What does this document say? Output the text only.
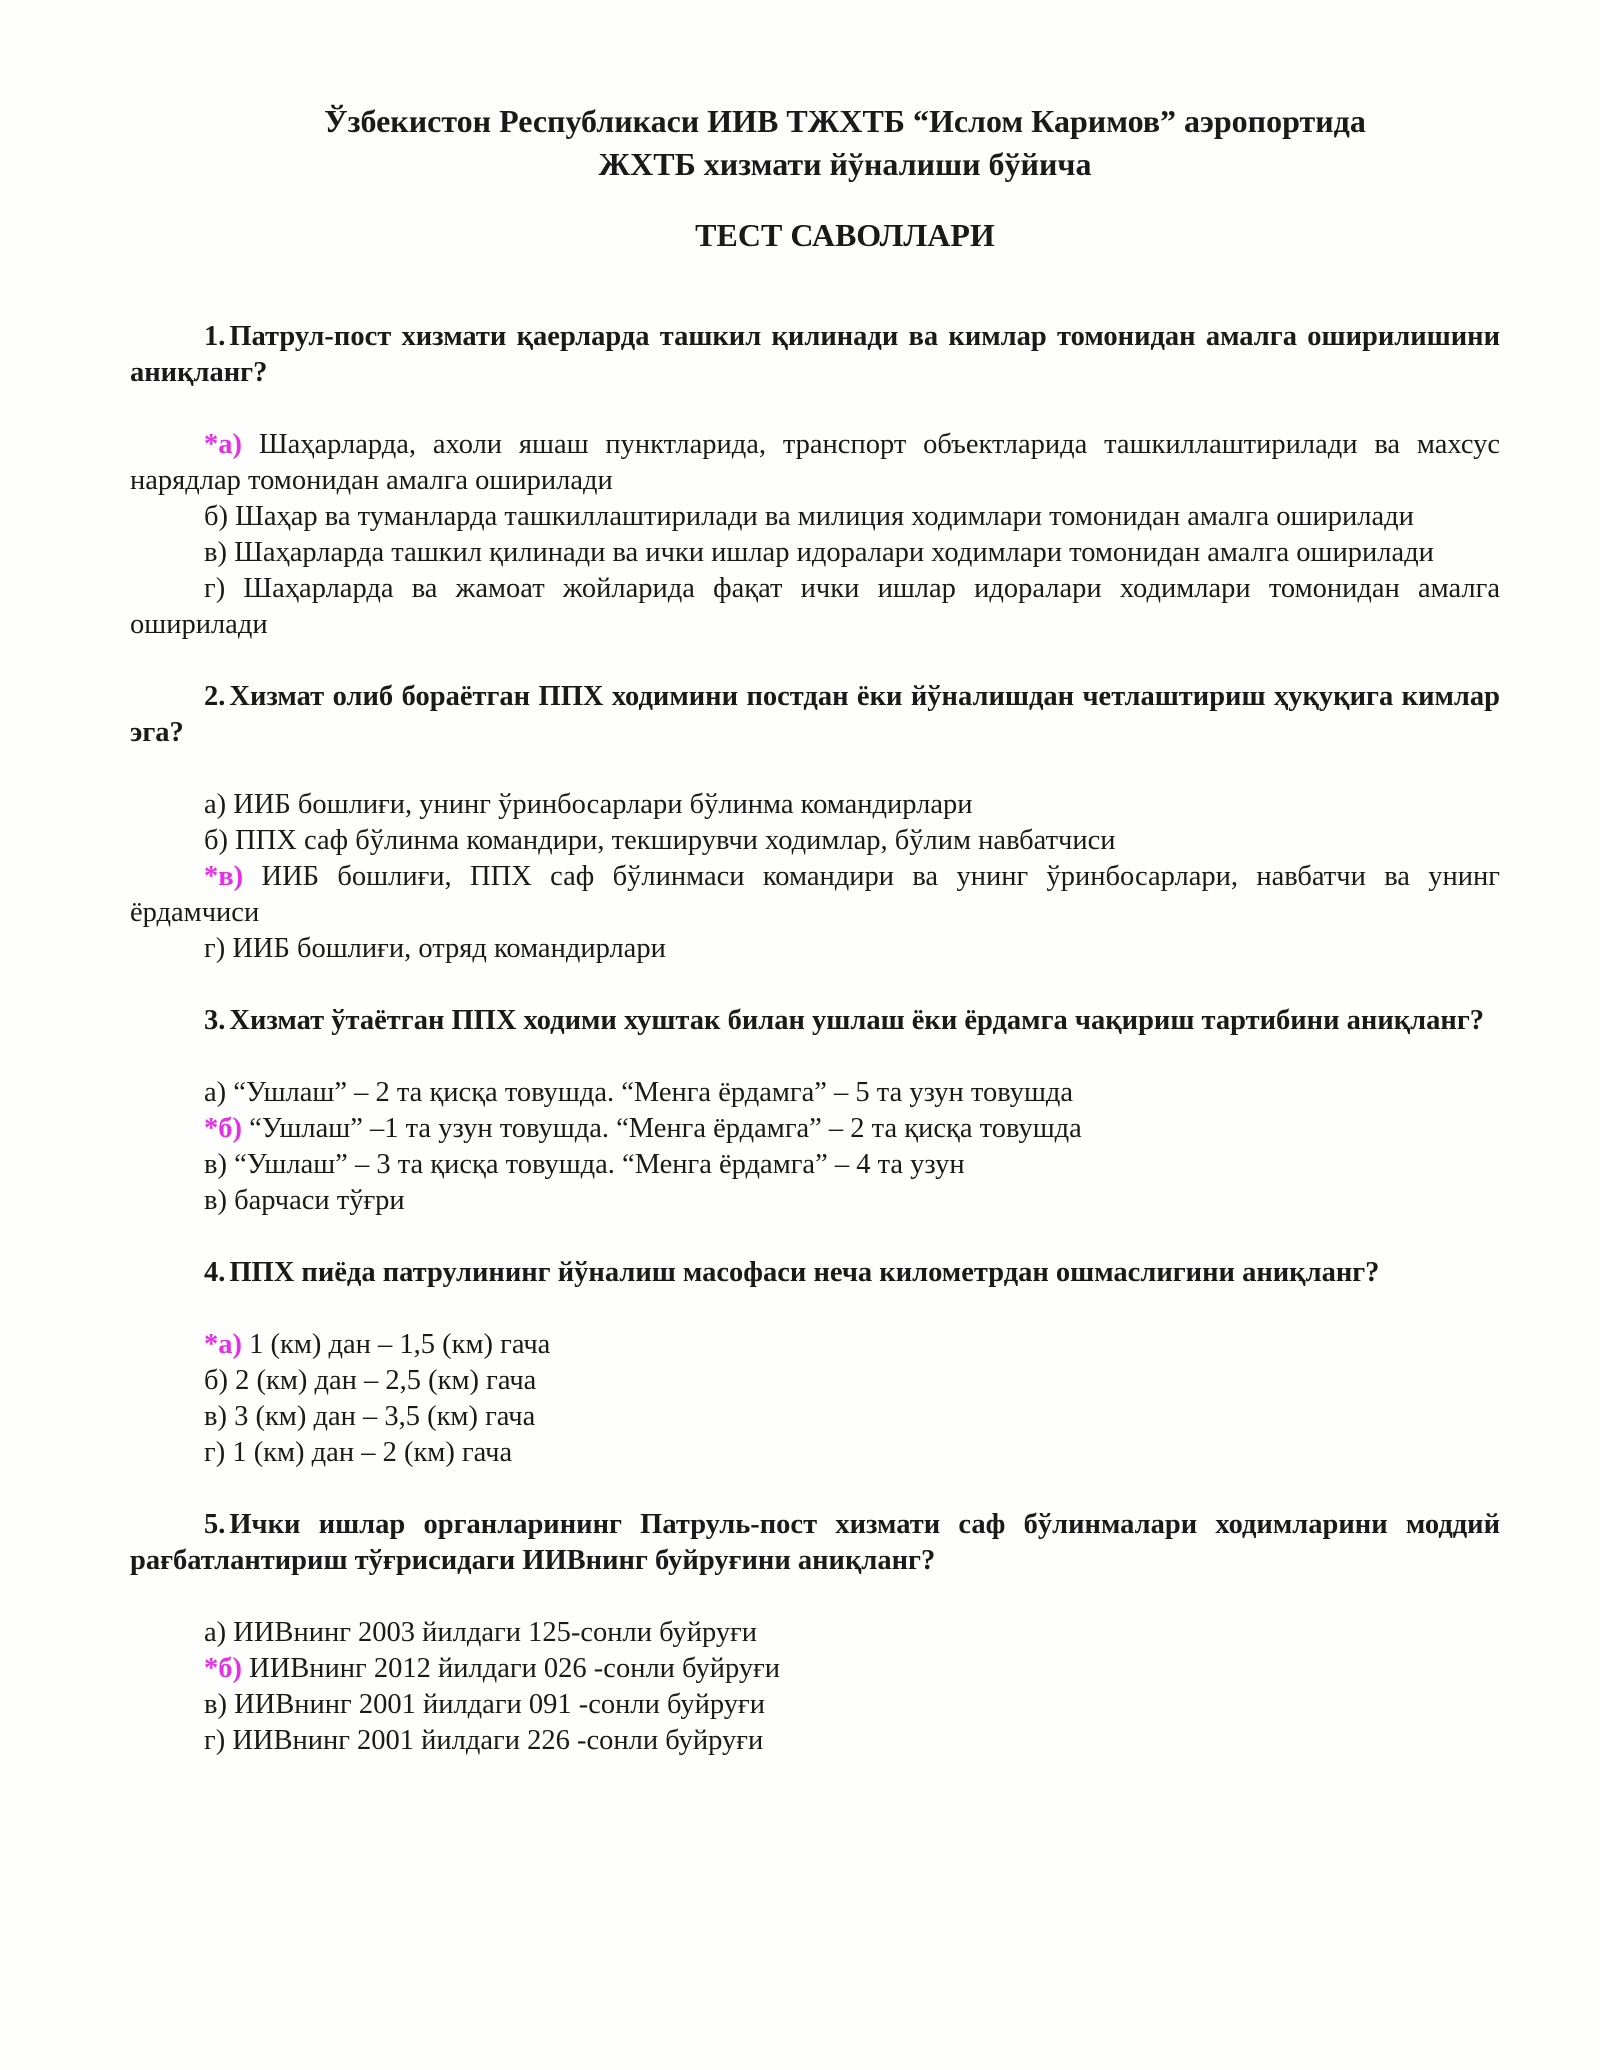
Ўзбекистон Республикаси ИИВ ТЖХТБ “Ислом Каримов” аэропортида
ЖХТБ хизмати йўналиши бўйича
ТЕСТ САВОЛЛАРИ

1. Патрул-пост хизмати қаерларда ташкил қилинади ва кимлар томонидан амалга оширилишини аниқланг?

*а) Шаҳарларда, ахоли яшаш пунктларида, транспорт объектларида ташкиллаштирилади ва махсус нарядлар томонидан амалга оширилади

б) Шаҳар ва туманларда ташкиллаштирилади ва милиция ходимлари томонидан амалга оширилади

в) Шаҳарларда ташкил қилинади ва ички ишлар идоралари ходимлари томонидан амалга оширилади

г) Шаҳарларда ва жамоат жойларида фақат ички ишлар идоралари ходимлари томонидан амалга оширилади

2. Хизмат олиб бораётган ППХ ходимини постдан ёки йўналишдан четлаштириш ҳуқуқига кимлар эга?

а) ИИБ бошлиғи, унинг ўринбосарлари бўлинма командирлари

б) ППХ саф бўлинма командири, текширувчи ходимлар, бўлим навбатчиси

*в) ИИБ бошлиғи, ППХ саф бўлинмаси командири ва унинг ўринбосарлари, навбатчи ва унинг ёрдамчиси

г) ИИБ бошлиғи, отряд командирлари

3. Хизмат ўтаётган ППХ ходими хуштак билан ушлаш ёки ёрдамга чақириш тартибини аниқланг?

а) “Ушлаш” – 2 та қисқа товушда. “Менга ёрдамга” – 5 та узун товушда

*б) “Ушлаш” –1 та узун товушда. “Менга ёрдамга” – 2 та қисқа товушда

в) “Ушлаш” – 3 та қисқа товушда. “Менга ёрдамга” – 4 та узун

в) барчаси тўғри

4. ППХ пиёда патрулининг йўналиш масофаси неча километрдан ошмаслигини аниқланг?

*а) 1 (км) дан – 1,5 (км) гача

б) 2 (км) дан – 2,5 (км) гача

в) 3 (км) дан – 3,5 (км) гача

г) 1 (км) дан – 2 (км) гача

5. Ички ишлар органларининг Патруль-пост хизмати саф бўлинмалари ходимларини моддий рағбатлантириш тўғрисидаги ИИВнинг буйруғини аниқланг?

а) ИИВнинг 2003 йилдаги 125-сонли буйруғи

*б) ИИВнинг 2012 йилдаги 026 -сонли буйруғи

в) ИИВнинг 2001 йилдаги 091 -сонли буйруғи

г) ИИВнинг 2001 йилдаги 226 -сонли буйруғи
